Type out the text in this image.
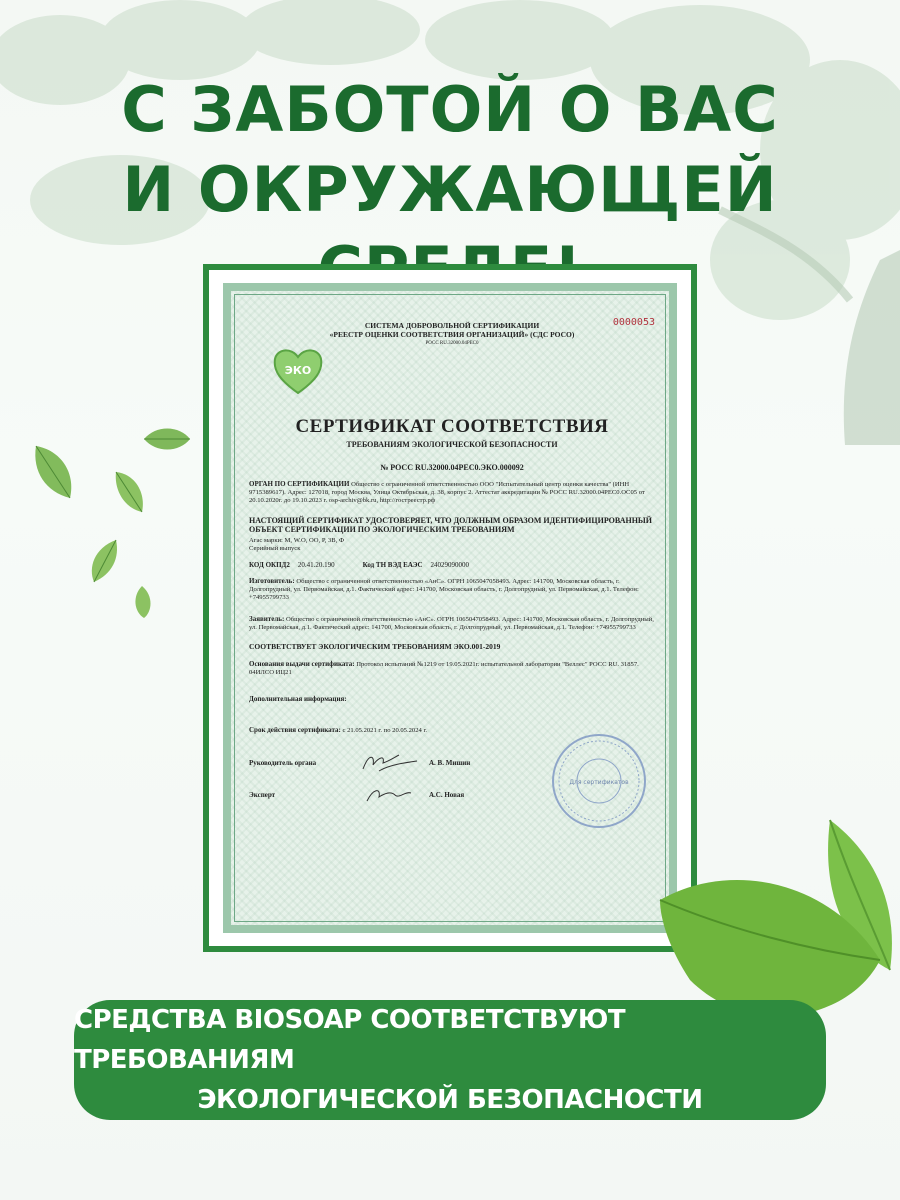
С ЗАБОТОЙ О ВАС
И ОКРУЖАЮЩЕЙ
0000053
СИСТЕМА ДОБРОВОЛЬНОЙ СЕРТИФИКАЦИИ
«РЕЕСТР ОЦЕНКИ СООТВЕТСТВИЯ ОРГАНИЗАЦИЙ» (СДС РОСО)
РОСС RU.32000.04РЕС0
ЭКО
СЕРТИФИКАТ СООТВЕТСТВИЯ
ТРЕБОВАНИЯМ ЭКОЛОГИЧЕСКОЙ БЕЗОПАСНОСТИ
№ РОСС RU.32000.04РЕС0.ЭКО.000092
ОРГАН ПО СЕРТИФИКАЦИИ Общество с ограниченной ответственностью ООО "Испытательный центр оценки качества" (ИНН 9715389617). Адрес: 127018, город Москва, Улица Октябрьская, д. 38, корпус 2. Аттестат аккредитации № РОСС RU.32000.04РЕС0.ОС05 от 20.10.2020г. до 19.10.2023 г. osp-archiv@bk.ru, http://гостреестр.рф
НАСТОЯЩИЙ СЕРТИФИКАТ УДОСТОВЕРЯЕТ, ЧТО ДОЛЖНЫМ ОБРАЗОМ ИДЕНТИФИЦИРОВАННЫЙ ОБЪЕКТ СЕРТИФИКАЦИИ ПО ЭКОЛОГИЧЕСКИМ ТРЕБОВАНИЯМ
Агас марки: М, W.O, ОО, Р, 3В, Ф
Серийный выпуск
КОД ОКПД2 20.41.20.190	Код ТН ВЭД ЕАЭС 24029090000
Изготовитель: Общество с ограниченной ответственностью «АнС». ОГРН 1065047058493. Адрес: 141700, Московская область, г. Долгопрудный, ул. Первомайская, д.1. Фактический адрес: 141700, Московская область, г. Долгопрудный, ул. Первомайская, д.1. Телефон: +74955799733
Заявитель: Общество с ограниченной ответственностью «АнС». ОГРН 1065047058493. Адрес: 141700, Московская область, г. Долгопрудный, ул. Первомайская, д.1. Фактический адрес: 141700, Московская область, г. Долгопрудный, ул. Первомайская, д.1. Телефон: +74955799733
СООТВЕТСТВУЕТ ЭКОЛОГИЧЕСКИМ ТРЕБОВАНИЯМ ЭКО.001-2019
Основания выдачи сертификата: Протокол испытаний №1219 от 19.05.2021г. испытательной лаборатории "Веллес" РОСС RU. 31857. 04ИЛСО ИЦ21
Дополнительная информация:
Срок действия сертификата: с 21.05.2021 г. по 20.05.2024 г.
Руководитель органа	А. В. Мишин
Эксперт	А.С. Новая
Для сертификатов
СРЕДСТВА BIOSOAP СООТВЕТСТВУЮТ ТРЕБОВАНИЯМ
ЭКОЛОГИЧЕСКОЙ БЕЗОПАСНОСТИ
